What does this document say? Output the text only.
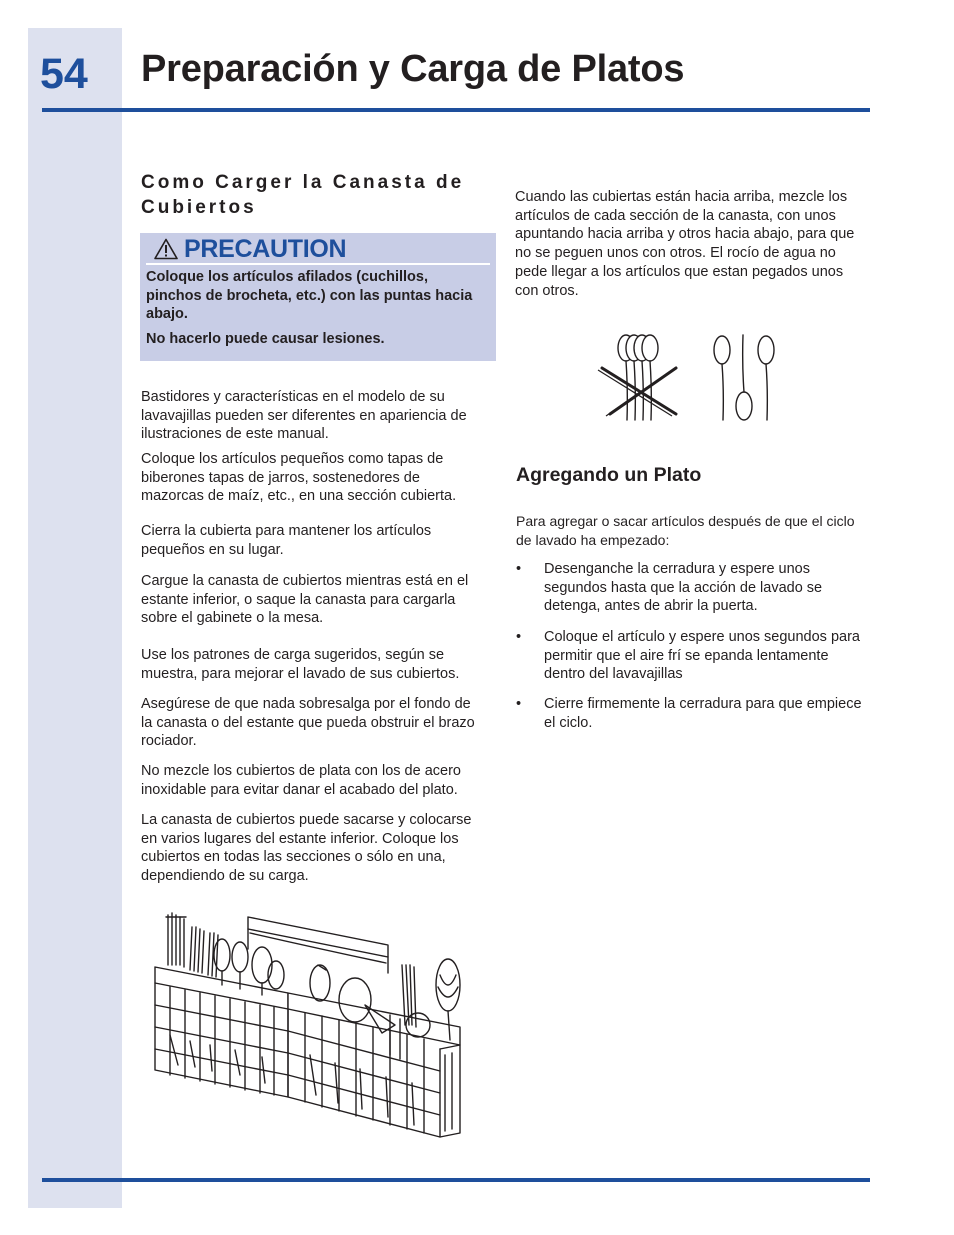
54 Preparación y Carga de Platos
Como Carger la Canasta de Cubiertos
PRECAUTION

Coloque los artículos afilados (cuchillos, pinchos de brocheta, etc.) con las puntas hacia abajo.

No hacerlo puede causar lesiones.

Bastidores y características en el modelo de su lavavajillas pueden ser diferentes en apariencia de ilustraciones de este manual.

Coloque los artículos pequeños como tapas de biberones tapas de jarros, sostenedores de mazorcas de maíz, etc., en una sección cubierta.

Cierra la cubierta para mantener los artículos pequeños en su lugar.

Cargue la canasta de cubiertos mientras está en el estante inferior, o saque la canasta para cargarla sobre el gabinete o la mesa.

Use los patrones de carga sugeridos, según se muestra, para mejorar el lavado de sus cubiertos.

Asegúrese de que nada sobresalga por el fondo de la canasta o del estante que pueda obstruir el brazo rociador.

No mezcle los cubiertos de plata con los de acero inoxidable para evitar danar el acabado del plato.

La canasta de cubiertos puede sacarse y colocarse en varios lugares del estante inferior. Coloque los cubiertos en todas las secciones o sólo en una, dependiendo de su carga.

Cuando las cubiertas están hacia arriba, mezcle los artículos de cada sección de la canasta, con unos apuntando hacia arriba y otros hacia abajo, para que no se peguen unos con otros. El rocío de agua no pede llegar a los artículos que estan pegados unos con otros.

Agregando un Plato

Para agregar o sacar artículos después de que el ciclo de lavado ha empezado:

• Desenganche la cerradura y espere unos segundos hasta que la acción de lavado se detenga, antes de abrir la puerta.
• Coloque el artículo y espere unos segundos para permitir que el aire frí se epanda lentamente dentro del lavavajillas
• Cierre firmemente la cerradura para que empiece el ciclo.
